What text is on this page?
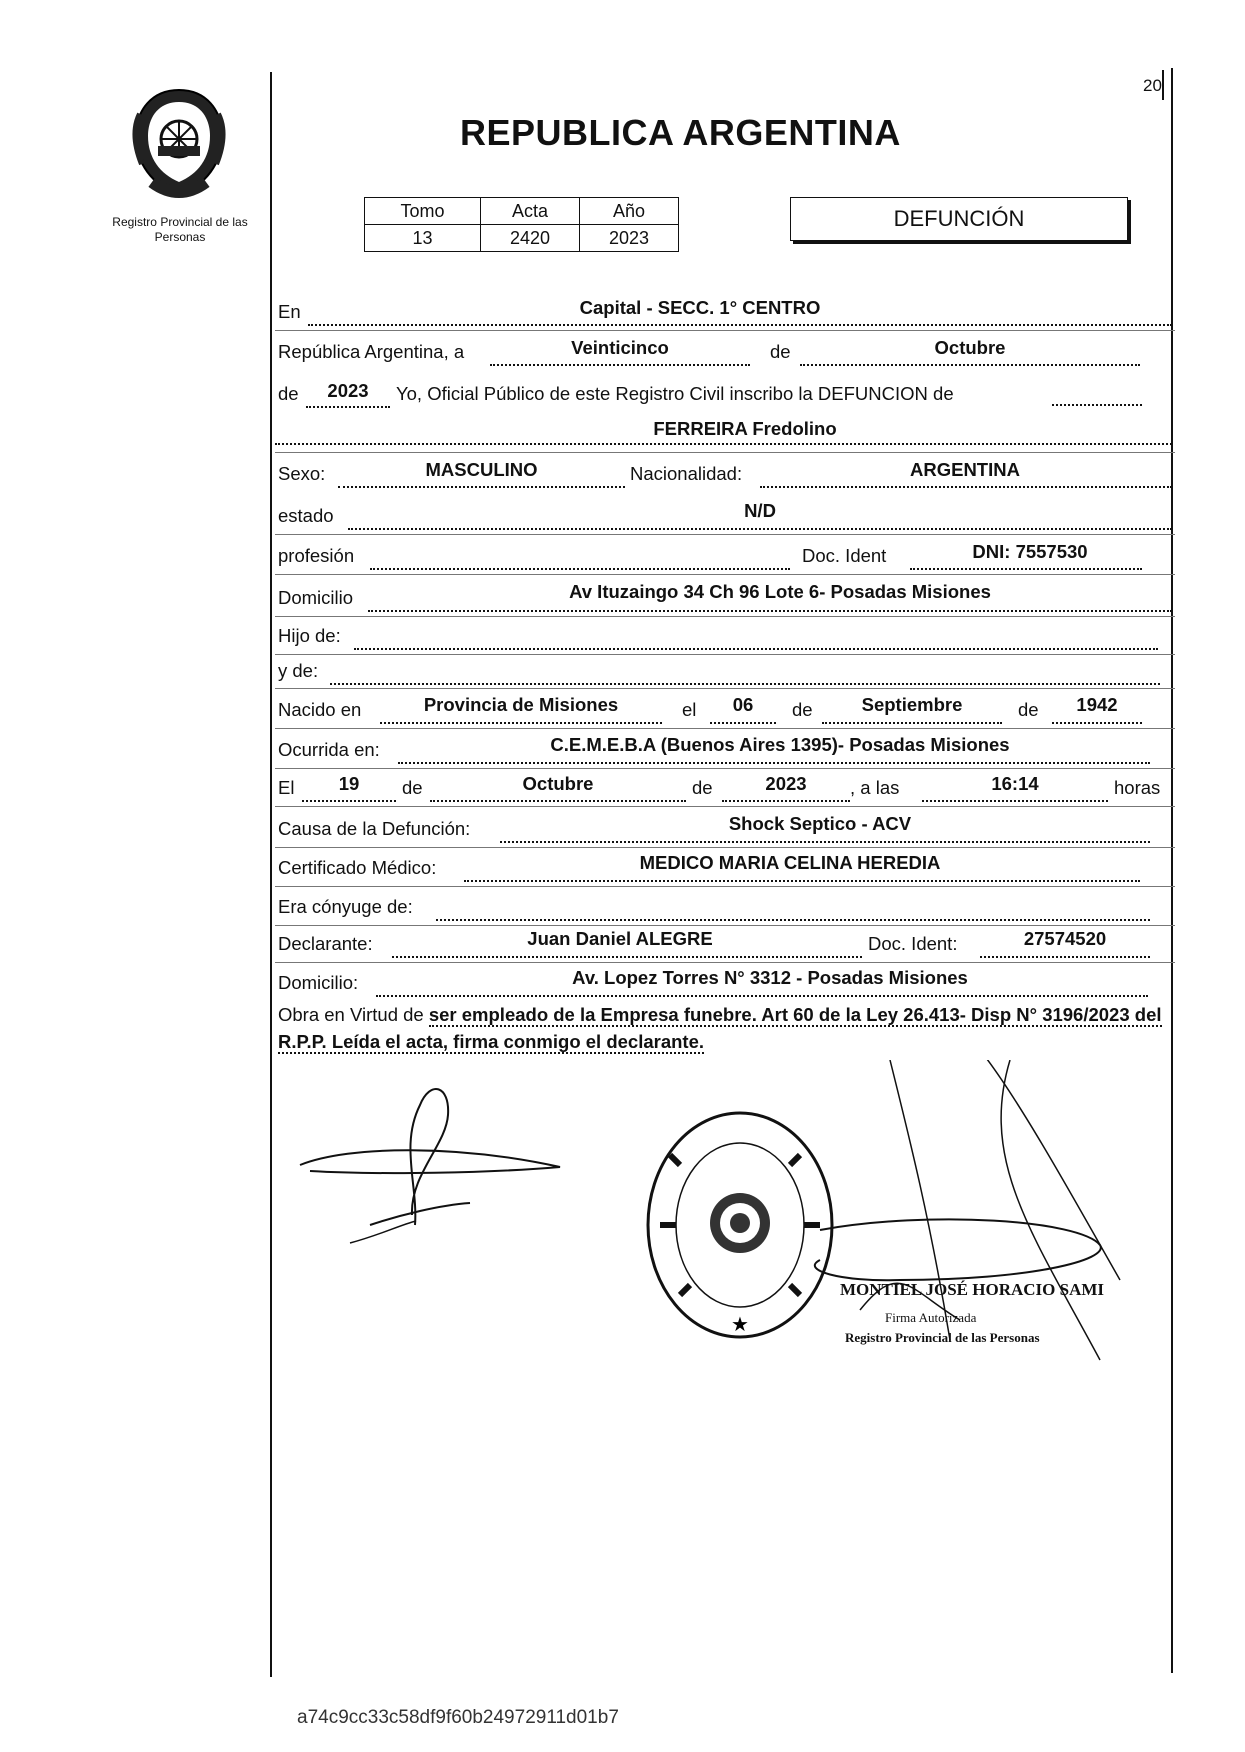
Registro Provincial de las Personas
REPUBLICA ARGENTINA
20
Tomo	Acta	Año
13	2420	2023
DEFUNCIÓN
En	Capital - SECC. 1° CENTRO
República Argentina, a	Veinticinco	de	Octubre
de	2023	Yo, Oficial Público de este Registro Civil inscribo la DEFUNCION de
FERREIRA Fredolino
Sexo:	MASCULINO	Nacionalidad:	ARGENTINA
estado	N/D
profesión	Doc. Ident	DNI: 7557530
Domicilio	Av Ituzaingo 34 Ch 96 Lote 6- Posadas Misiones
Hijo de:
y de:
Nacido en	Provincia de Misiones	el	06	de	Septiembre	de	1942
Ocurrida en:	C.E.M.E.B.A (Buenos Aires 1395)- Posadas Misiones
El	19	de	Octubre	de	2023	, a las	16:14	horas
Causa de la Defunción:	Shock Septico - ACV
Certificado Médico:	MEDICO MARIA CELINA HEREDIA
Era cónyuge de:
Declarante:	Juan Daniel ALEGRE	Doc. Ident:	27574520
Domicilio:	Av. Lopez Torres N° 3312 - Posadas Misiones
Obra en Virtud de ser empleado de la Empresa funebre. Art 60 de la Ley 26.413- Disp N° 3196/2023 del R.P.P. Leída el acta, firma conmigo el declarante.
★
MONTIEL JOSÉ HORACIO SAMI
Firma Autorizada
Registro Provincial de las Personas
a74c9cc33c58df9f60b24972911d01b7
